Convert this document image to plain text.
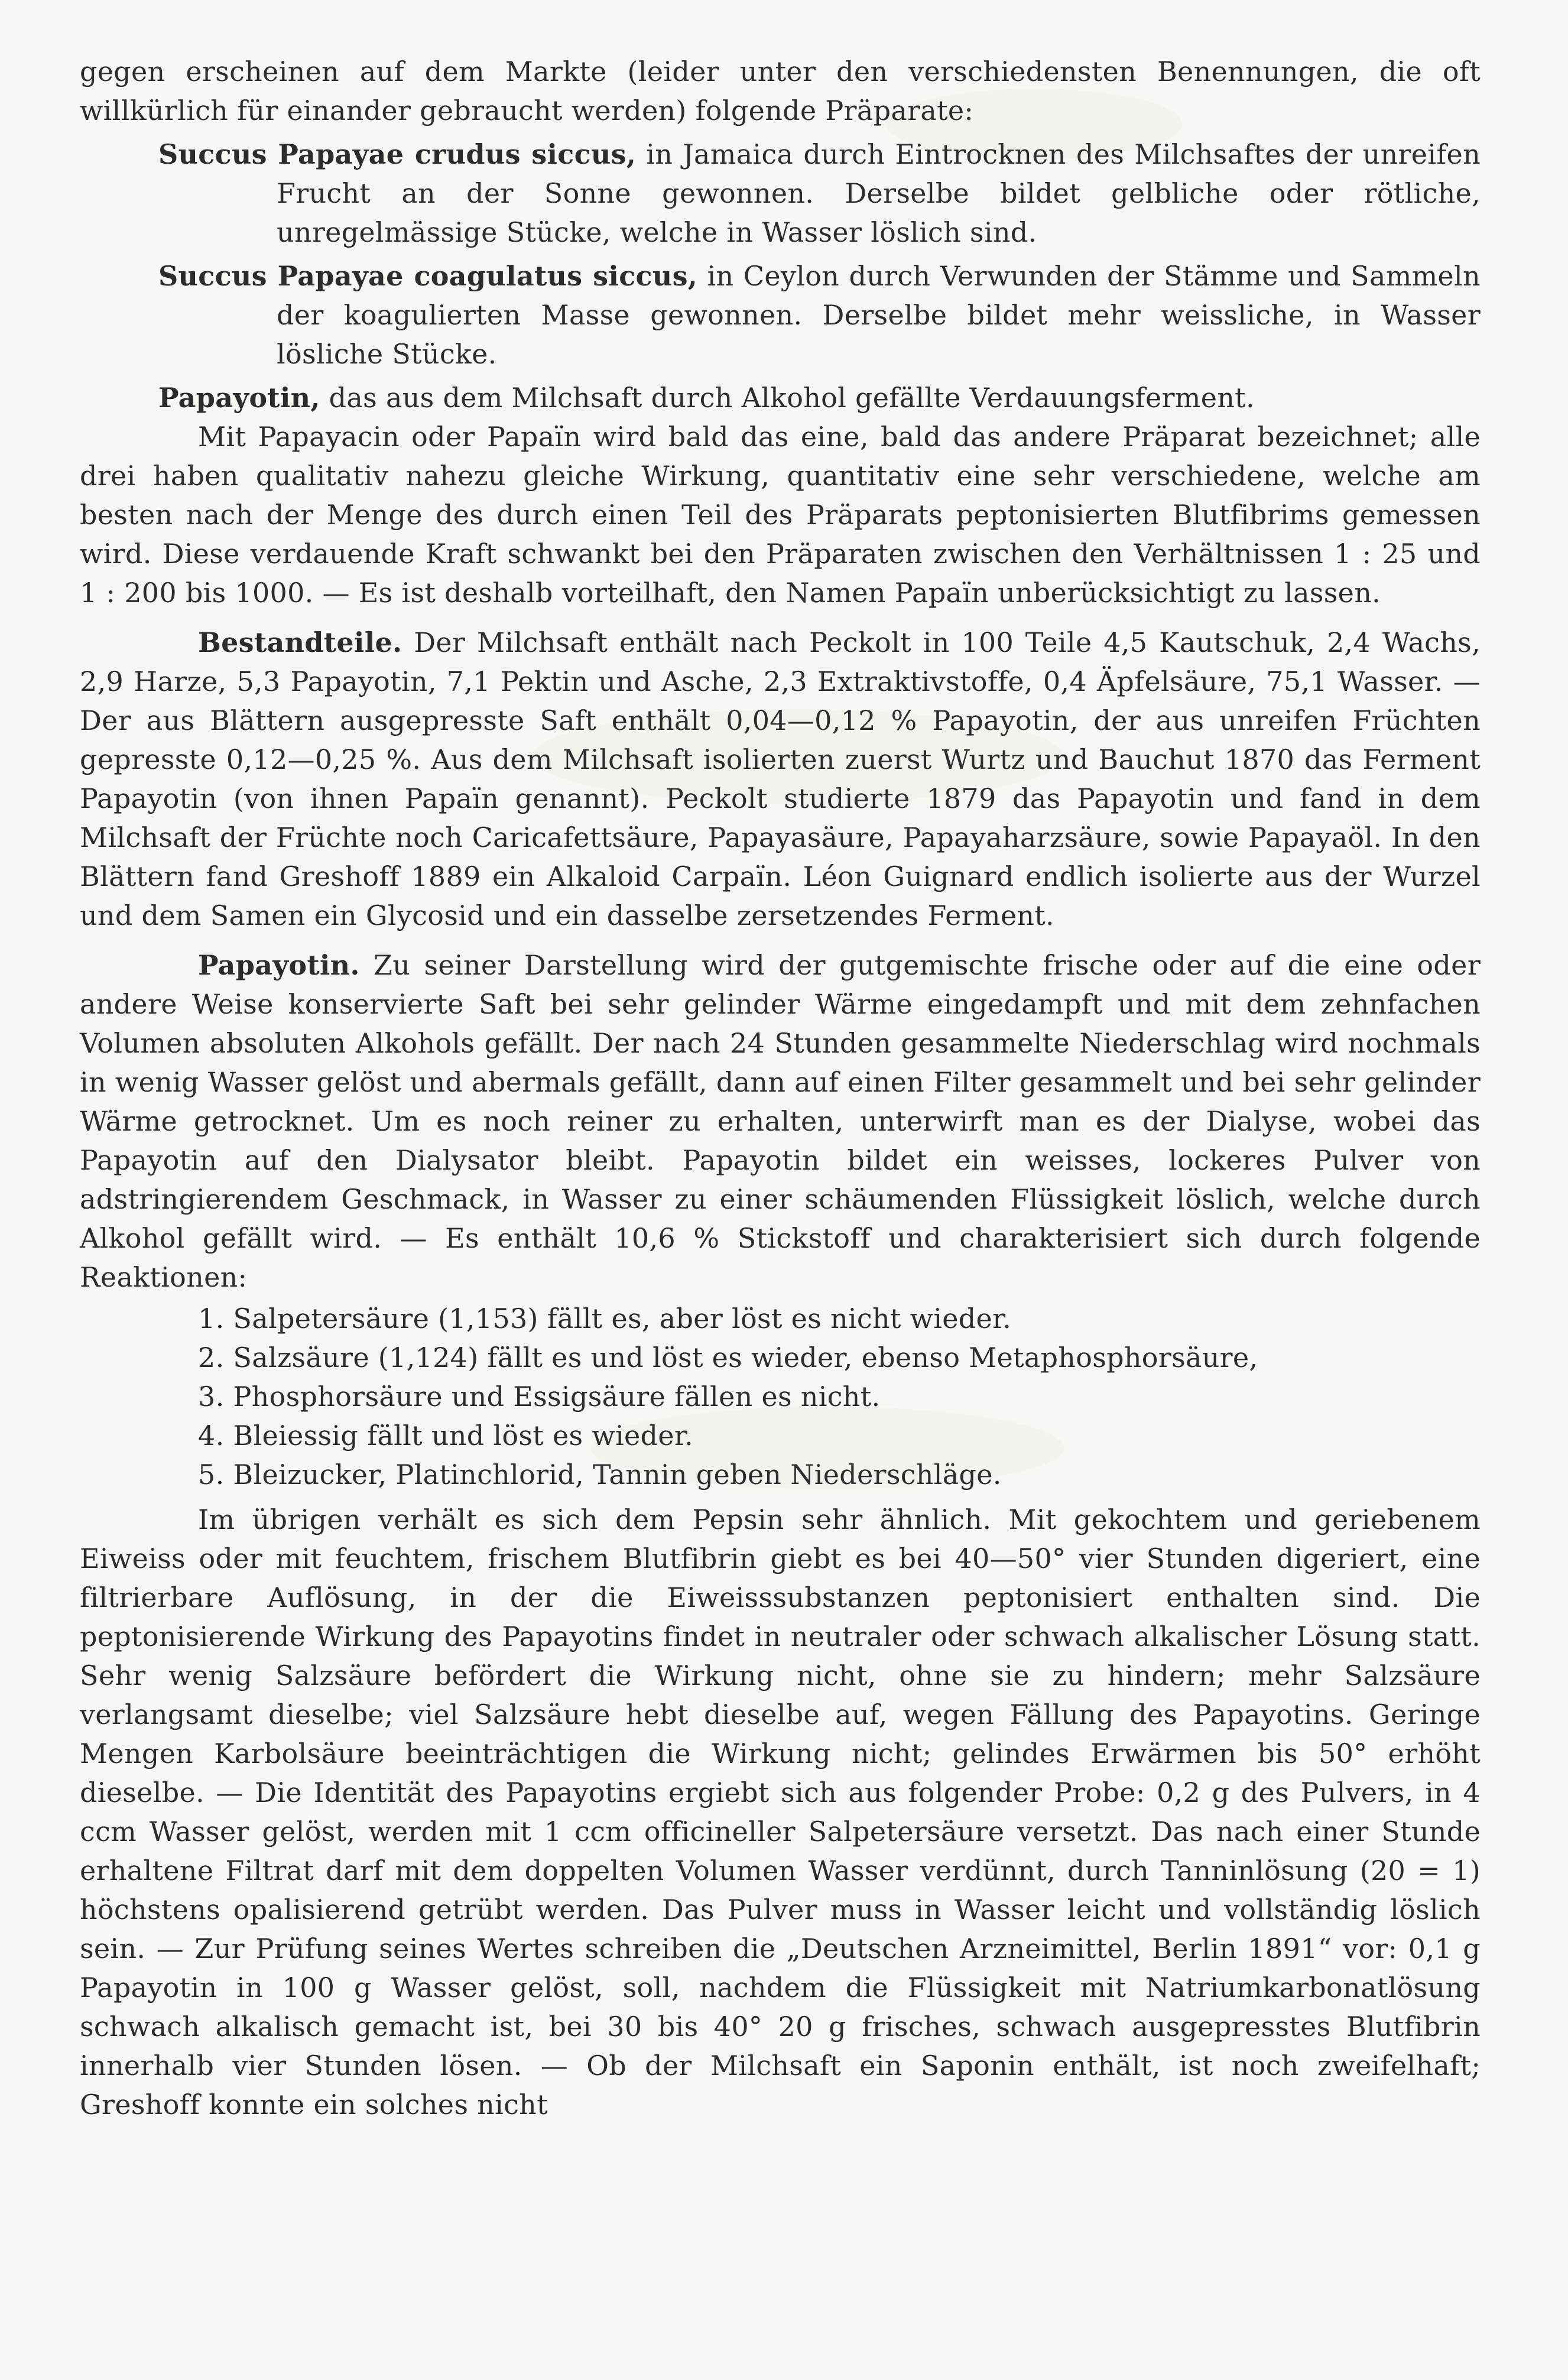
gegen erscheinen auf dem Markte (leider unter den verschiedensten Benennungen, die oft willkürlich für einander gebraucht werden) folgende Präparate:

Succus Papayae crudus siccus, in Jamaica durch Eintrocknen des Milchsaftes der unreifen Frucht an der Sonne gewonnen. Derselbe bildet gelbliche oder rötliche, unregelmässige Stücke, welche in Wasser löslich sind.

Succus Papayae coagulatus siccus, in Ceylon durch Verwunden der Stämme und Sammeln der koagulierten Masse gewonnen. Derselbe bildet mehr weissliche, in Wasser lösliche Stücke.

Papayotin, das aus dem Milchsaft durch Alkohol gefällte Verdauungsferment.

Mit Papayacin oder Papaïn wird bald das eine, bald das andere Präparat bezeichnet; alle drei haben qualitativ nahezu gleiche Wirkung, quantitativ eine sehr verschiedene, welche am besten nach der Menge des durch einen Teil des Präparats peptonisierten Blutfibrims gemessen wird. Diese verdauende Kraft schwankt bei den Präparaten zwischen den Verhältnissen 1 : 25 und 1 : 200 bis 1000. — Es ist deshalb vorteilhaft, den Namen Papaïn unberücksichtigt zu lassen.

Bestandteile. Der Milchsaft enthält nach Peckolt in 100 Teile 4,5 Kautschuk, 2,4 Wachs, 2,9 Harze, 5,3 Papayotin, 7,1 Pektin und Asche, 2,3 Extraktivstoffe, 0,4 Äpfelsäure, 75,1 Wasser. — Der aus Blättern ausgepresste Saft enthält 0,04—0,12 % Papayotin, der aus unreifen Früchten gepresste 0,12—0,25 %. Aus dem Milchsaft isolierten zuerst Wurtz und Bauchut 1870 das Ferment Papayotin (von ihnen Papaïn genannt). Peckolt studierte 1879 das Papayotin und fand in dem Milchsaft der Früchte noch Caricafettsäure, Papayasäure, Papayaharzsäure, sowie Papayaöl. In den Blättern fand Greshoff 1889 ein Alkaloid Carpaïn. Léon Guignard endlich isolierte aus der Wurzel und dem Samen ein Glycosid und ein dasselbe zersetzendes Ferment.

Papayotin. Zu seiner Darstellung wird der gutgemischte frische oder auf die eine oder andere Weise konservierte Saft bei sehr gelinder Wärme eingedampft und mit dem zehnfachen Volumen absoluten Alkohols gefällt. Der nach 24 Stunden gesammelte Niederschlag wird nochmals in wenig Wasser gelöst und abermals gefällt, dann auf einen Filter gesammelt und bei sehr gelinder Wärme getrocknet. Um es noch reiner zu erhalten, unterwirft man es der Dialyse, wobei das Papayotin auf den Dialysator bleibt. Papayotin bildet ein weisses, lockeres Pulver von adstringierendem Geschmack, in Wasser zu einer schäumenden Flüssigkeit löslich, welche durch Alkohol gefällt wird. — Es enthält 10,6 % Stickstoff und charakterisiert sich durch folgende Reaktionen:

1. Salpetersäure (1,153) fällt es, aber löst es nicht wieder.
2. Salzsäure (1,124) fällt es und löst es wieder, ebenso Metaphosphorsäure,
3. Phosphorsäure und Essigsäure fällen es nicht.
4. Bleiessig fällt und löst es wieder.
5. Bleizucker, Platinchlorid, Tannin geben Niederschläge.

Im übrigen verhält es sich dem Pepsin sehr ähnlich. Mit gekochtem und geriebenem Eiweiss oder mit feuchtem, frischem Blutfibrin giebt es bei 40—50° vier Stunden digeriert, eine filtrierbare Auflösung, in der die Eiweisssubstanzen peptonisiert enthalten sind. Die peptonisierende Wirkung des Papayotins findet in neutraler oder schwach alkalischer Lösung statt. Sehr wenig Salzsäure befördert die Wirkung nicht, ohne sie zu hindern; mehr Salzsäure verlangsamt dieselbe; viel Salzsäure hebt dieselbe auf, wegen Fällung des Papayotins. Geringe Mengen Karbolsäure beeinträchtigen die Wirkung nicht; gelindes Erwärmen bis 50° erhöht dieselbe. — Die Identität des Papayotins ergiebt sich aus folgender Probe: 0,2 g des Pulvers, in 4 ccm Wasser gelöst, werden mit 1 ccm officineller Salpetersäure versetzt. Das nach einer Stunde erhaltene Filtrat darf mit dem doppelten Volumen Wasser verdünnt, durch Tanninlösung (20 = 1) höchstens opalisierend getrübt werden. Das Pulver muss in Wasser leicht und vollständig löslich sein. — Zur Prüfung seines Wertes schreiben die „Deutschen Arzneimittel, Berlin 1891“ vor: 0,1 g Papayotin in 100 g Wasser gelöst, soll, nachdem die Flüssigkeit mit Natriumkarbonatlösung schwach alkalisch gemacht ist, bei 30 bis 40° 20 g frisches, schwach ausgepresstes Blutfibrin innerhalb vier Stunden lösen. — Ob der Milchsaft ein Saponin enthält, ist noch zweifelhaft; Greshoff konnte ein solches nicht
